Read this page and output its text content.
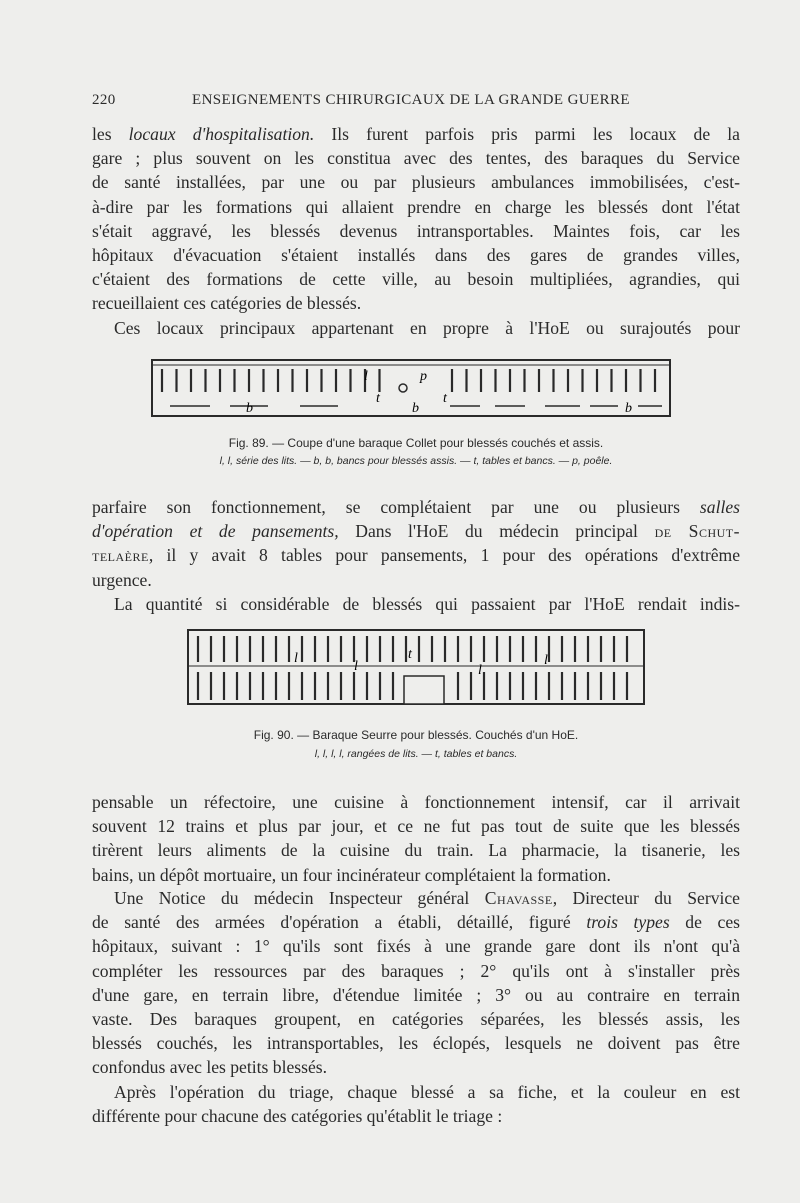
220	ENSEIGNEMENTS CHIRURGICAUX DE LA GRANDE GUERRE
les locaux d'hospitalisation. Ils furent parfois pris parmi les locaux de la
gare ; plus souvent on les constitua avec des tentes, des baraques du Service
de santé installées, par une ou par plusieurs ambulances immobilisées, c'est-
à-dire par les formations qui allaient prendre en charge les blessés dont l'état
s'était aggravé, les blessés devenus intransportables. Maintes fois, car les
hôpitaux d'évacuation s'étaient installés dans des gares de grandes villes,
c'étaient des formations de cette ville, au besoin multipliées, agrandies, qui
recueillaient ces catégories de blessés.
Ces locaux principaux appartenant en propre à l'HoE ou surajoutés pour
p
t	t
b	b	b
l
Fig. 89. — Coupe d'une baraque Collet pour blessés couchés et assis.
l, l, série des lits. — b, b, bancs pour blessés assis. — t, tables et bancs. — p, poêle.
parfaire son fonctionnement, se complétaient par une ou plusieurs salles
d'opération et de pansements, Dans l'HoE du médecin principal de Schut-
telaère, il y avait 8 tables pour pansements, 1 pour des opérations d'extrême
urgence.
La quantité si considérable de blessés qui passaient par l'HoE rendait indis-
t
l
l	l
l
Fig. 90. — Baraque Seurre pour blessés. Couchés d'un HoE.
l, l, l, l, rangées de lits. — t, tables et bancs.
pensable un réfectoire, une cuisine à fonctionnement intensif, car il arrivait
souvent 12 trains et plus par jour, et ce ne fut pas tout de suite que les blessés
tirèrent leurs aliments de la cuisine du train. La pharmacie, la tisanerie, les
bains, un dépôt mortuaire, un four incinérateur complétaient la formation.
Une Notice du médecin Inspecteur général Chavasse, Directeur du Service
de santé des armées d'opération a établi, détaillé, figuré trois types de ces
hôpitaux, suivant : 1° qu'ils sont fixés à une grande gare dont ils n'ont qu'à
compléter les ressources par des baraques ; 2° qu'ils ont à s'installer près
d'une gare, en terrain libre, d'étendue limitée ; 3° ou au contraire en terrain
vaste. Des baraques groupent, en catégories séparées, les blessés assis, les
blessés couchés, les intransportables, les éclopés, lesquels ne doivent pas être
confondus avec les petits blessés.
Après l'opération du triage, chaque blessé a sa fiche, et la couleur en est
différente pour chacune des catégories qu'établit le triage :
